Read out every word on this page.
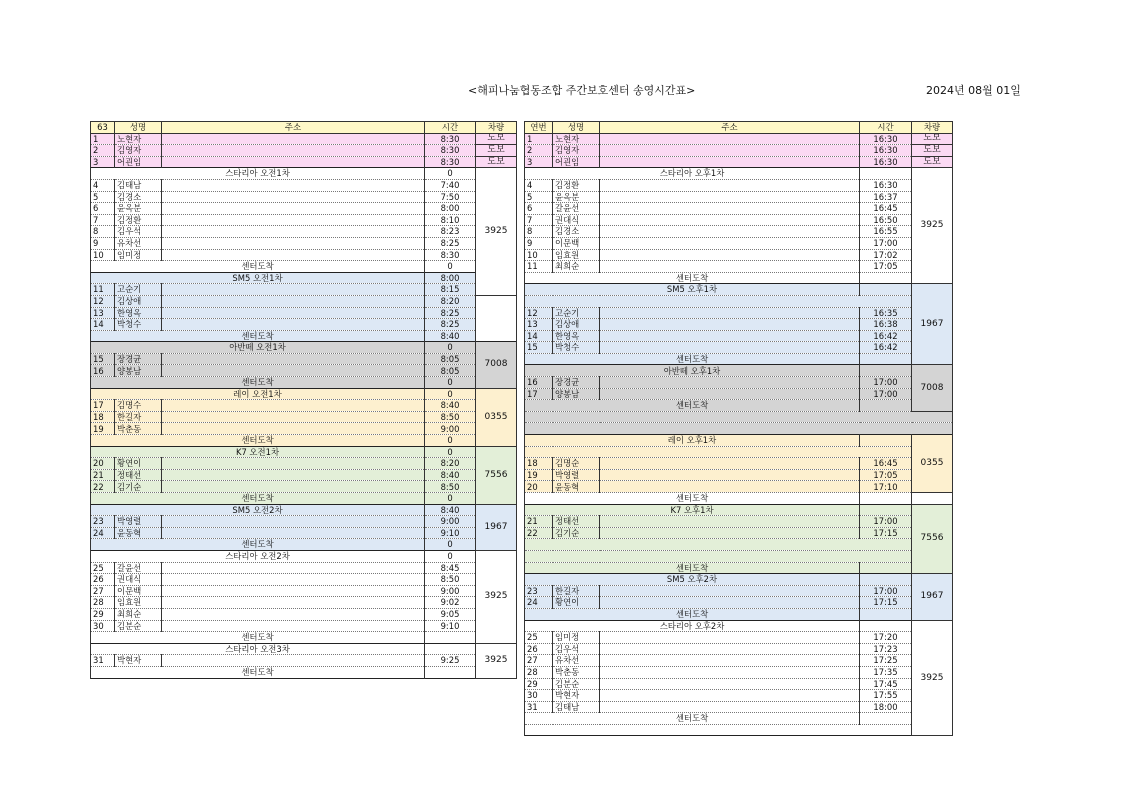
<해피나눔협동조합 주간보호센터 송영시간표>	2024년 08월 01일
63	성명	주소	시간	차량	
1	노현자		8:30	도보	
2	김영자		8:30	도보	
3	어괸임		8:30	도보	
스타리아 오전1차			0	3925	
4	김태남		7:40		
5	김경소		7:50		
6	윤옥분		8:00		
7	김정환		8:10		
8	김우석		8:23		
9	유차선		8:25		
10	임미정		8:30		
센터도착			0		
SM5 오전1차			8:00	
11	고순기		8:15		
12	김상애		8:20		
13	한영옥		8:25		
14	박청수		8:25		
센터도착			8:40		
아반떼 오전1차			0	7008	
15	장경균		8:05		
16	양봉남		8:05		
센터도착			0		
레이 오전1차			0	0355	
17	김명수		8:40		
18	한길자		8:50		
19	박춘동		9:00		
센터도착			0		
K7 오전1차			0	7556	
20	황연이		8:20		
21	정태선		8:40		
22	김기순		8:50		
센터도착			0		
SM5 오전2차			8:40	1967	
23	박영렬		9:00		
24	윤동혁		9:10		
센터도착			0		
스타리아 오전2차			0	3925	
25	갈윤선		8:45		
26	권대식		8:50		
27	이문백		9:00		
28	임효원		9:02		
29	최희순		9:05		
30	김분순		9:10		
센터도착					
스타리아 오전3차				3925	
31	박현자		9:25		
센터도착					
연번	성명	주소	시간	차량
1	노현자		16:30	도보
2	김영자		16:30	도보
3	어괸임		16:30	도보
스타리아 오후1차				3925
4	김정환		16:30	
5	윤옥분		16:37	
6	갈윤선		16:45	
7	권대식		16:50	
8	김경소		16:55	
9	이문백		17:00	
10	임효원		17:02	
11	최희순		17:05	
센터도착				
SM5 오후1차				1967

12	고순기		16:35	
13	김상애		16:38	
14	한영옥		16:42	
15	박청수		16:42	
센터도착				
아반떼 오후1차				7008
16	장경균		17:00	
17	양봉남		17:00	
센터도착				

레이 오후1차				0355

18	김명순		16:45	
19	박영렬		17:05	
20	윤동혁		17:10	
센터도착				
K7 오후1차				7556
21	정태선		17:00	
22	김기순		17:15	

센터도착				
SM5 오후2차				1967
23	한길자		17:00	
24	황연이		17:15	
센터도착				
스타리아 오후2차				3925
25	임미정		17:20	
26	김우석		17:23	
27	유차선		17:25	
28	박춘동		17:35	
29	김분순		17:45	
30	박현자		17:55	
31	김태남		18:00	
센터도착				
